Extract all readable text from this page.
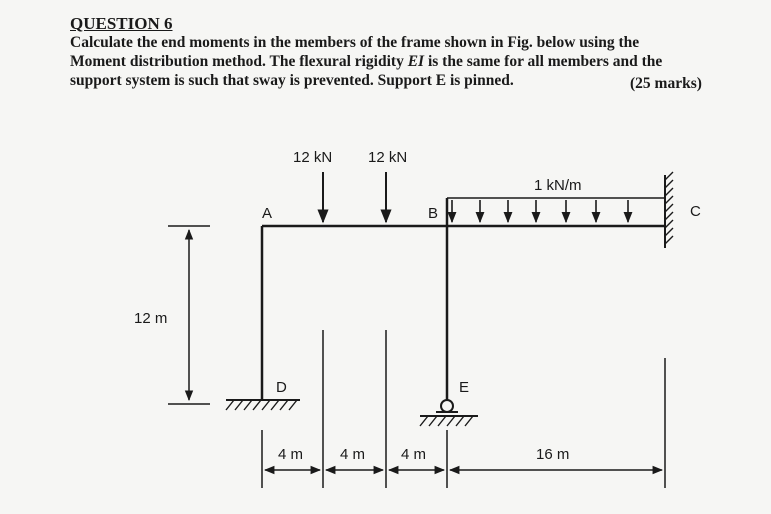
QUESTION 6
Calculate the end moments in the members of the frame shown in Fig. below using the
Moment distribution method. The flexural rigidity EI is the same for all members and the
support system is such that sway is prevented. Support E is pinned.	(25 marks)
12 kN 12 kN
1 kN/m
A	B	C
D	E
12 m
4 m 4 m 4 m	16 m
